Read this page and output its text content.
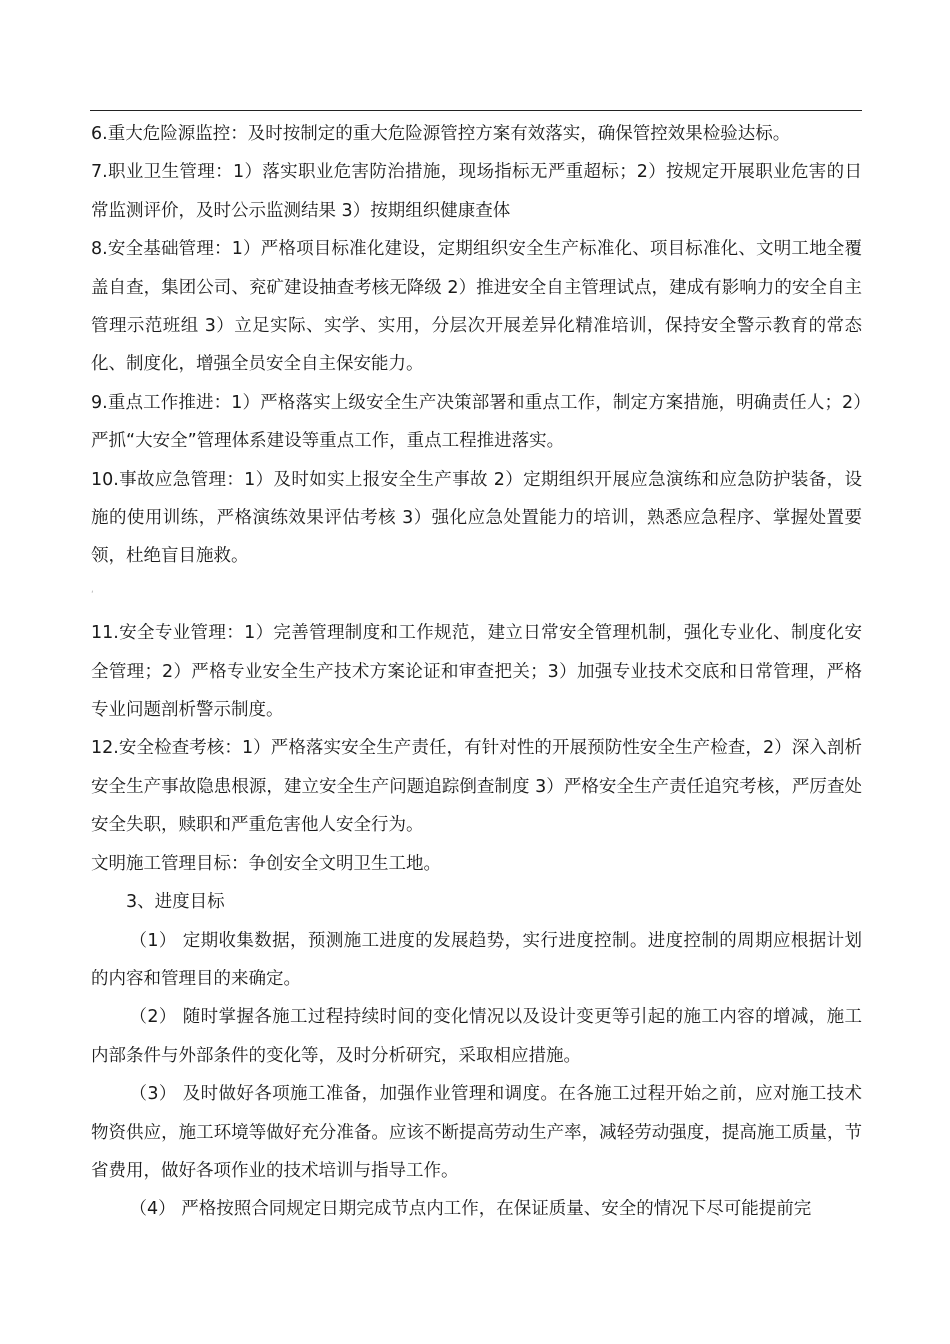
6.重大危险源监控：及时按制定的重大危险源管控方案有效落实，确保管控效果检验达标。

7.职业卫生管理：1）落实职业危害防治措施，现场指标无严重超标；2）按规定开展职业危害的日常监测评价，及时公示监测结果 3）按期组织健康查体

8.安全基础管理：1）严格项目标准化建设，定期组织安全生产标准化、项目标准化、文明工地全覆盖自查，集团公司、兖矿建设抽查考核无降级 2）推进安全自主管理试点，建成有影响力的安全自主管理示范班组 3）立足实际、实学、实用，分层次开展差异化精准培训，保持安全警示教育的常态化、制度化，增强全员安全自主保安能力。

9.重点工作推进：1）严格落实上级安全生产决策部署和重点工作，制定方案措施，明确责任人；2）严抓“大安全”管理体系建设等重点工作，重点工程推进落实。

10.事故应急管理：1）及时如实上报安全生产事故 2）定期组织开展应急演练和应急防护装备，设施的使用训练，严格演练效果评估考核 3）强化应急处置能力的培训，熟悉应急程序、掌握处置要领，杜绝盲目施救。

‘

11.安全专业管理：1）完善管理制度和工作规范，建立日常安全管理机制，强化专业化、制度化安全管理；2）严格专业安全生产技术方案论证和审查把关；3）加强专业技术交底和日常管理，严格专业问题剖析警示制度。

12.安全检查考核：1）严格落实安全生产责任，有针对性的开展预防性安全生产检查，2）深入剖析安全生产事故隐患根源，建立安全生产问题追踪倒查制度 3）严格安全生产责任追究考核，严厉查处安全失职，赎职和严重危害他人安全行为。

文明施工管理目标：争创安全文明卫生工地。

3、进度目标

（1） 定期收集数据，预测施工进度的发展趋势，实行进度控制。进度控制的周期应根据计划的内容和管理目的来确定。

（2） 随时掌握各施工过程持续时间的变化情况以及设计变更等引起的施工内容的增减，施工内部条件与外部条件的变化等，及时分析研究，采取相应措施。

（3） 及时做好各项施工准备，加强作业管理和调度。在各施工过程开始之前，应对施工技术物资供应，施工环境等做好充分准备。应该不断提高劳动生产率，减轻劳动强度，提高施工质量，节省费用，做好各项作业的技术培训与指导工作。

（4） 严格按照合同规定日期完成节点内工作，在保证质量、安全的情况下尽可能提前完
